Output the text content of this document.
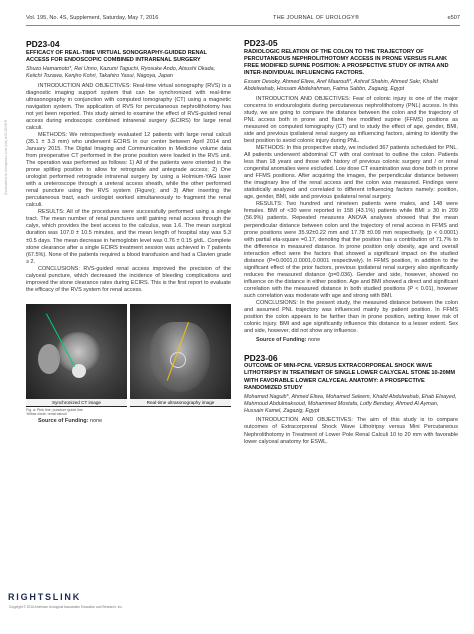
Vol. 195, No. 4S, Supplement, Saturday, May 7, 2016	THE JOURNAL OF UROLOGY®	e507
Downloaded for Anonymous User (n/a) at ELSEVIER
PD23-04
EFFICACY OF REAL-TIME VIRTUAL SONOGRAPHY-GUIDED RENAL ACCESS FOR ENDOSCOPIC COMBINED INTRARENAL SURGERY
Shuzo Hamamoto*, Rei Unno, Kazumi Taguchi, Ryosuke Ando, Atsushi Okada, Keiichi Tozawa, Kenjiro Kohri, Takahiro Yasui, Nagoya, Japan

INTRODUCTION AND OBJECTIVES: Real-time virtual sonography (RVS) is a diagnostic imaging support system that can be synchronized with real-time ultrasonography in conjunction with computed tomography (CT) using a magnetic navigation system. The application of RVS for percutaneous nephrolithotomy has not yet been reported. This study aimed to examine the effect of RVS-guided renal access during endoscopic combined intrarenal surgery (ECIRS) for large renal calculi.

METHODS: We retrospectively evaluated 12 patients with large renal calculi (35.1 ± 3.3 mm) who underwent ECIRS in our center between April 2014 and January 2015. The Digital Imaging and Communication in Medicine volume data from preoperative CT performed in the prone position were loaded in the RVS unit. The operation was performed as follows: 1) All of the patients were oriented in the prone splitleg position to allow for retrograde and antegrade access; 2) One urologist performed retrograde intrarenal surgery by using a Holmium-YAG laser with a ureteroscope through a ureteral access sheath, while the other performed renal puncture using the RVS system (Figure); and 3) After inserting the percutaneous tract, each urologist worked simultaneously to fragment the renal calculi.

RESULTS: All of the procedures were successfully performed using a single tract. The mean number of renal punctures until gaining renal access through the calyx, which provides the best access to the calculus, was 1.6. The mean surgical duration was 107.0 ± 10.5 minutes, and the mean length of hospital stay was 5.3 ±0.5 days. The mean decrease in hemoglobin level was 0.76 ± 0.15 g/dL. Complete stone clearance after a single ECIRS treatment session was achieved in 7 patients (67.5%). None of the patients required a blood transfusion and had a Clavien grade ≥ 2.

CONCLUSIONS: RVS-guided renal access improved the precision of the calyceal puncture, which decreased the incidence of bleeding complications and improved the stone clearance rates during ECIRS. This is the first report to evaluate the efficacy of the RVS system for renal access.

Synchronized CT image	Real-time ultrasonography image
Fig. a: Pink line: puncture guide line
Yellow circle: renal calculi
Source of Funding: none
PD23-05
RADIOLOGIC RELATION OF THE COLON TO THE TRAJECTORY OF PERCUTANEOUS NEPHROLITHOTOMY ACCESS IN PRONE VERSUS FLANK FREE MODIFIED SUPINE POSITION: A PROSPECTIVE STUDY OF INTRA AND INTER-INDIVIDUAL INFLUENCING FACTORS.
Essam Desoky, Ahmed Eliwa, Aref Maaroufi*, Ashraf Shahin, Ahmed Sakr, Khalid Abdelwahab, Hossam Abdelrahman, Fatma Sabbn, Zagazig, Egypt

INTRODUCTION AND OBJECTIVES: Fear of colonic injury is one of the major concerns to endourologists during percutaneous nephrolithotomy (PNL) access. In this study, we are going to compare the distance between the colon and the trajectory of PNL access both in prone and flank free modified supine (FFMS) positions as measured on computed tomography (CT) and to study the effect of age, gender, BMI, side and previous ipsilateral renal surgery as influencing factors, aiming to identify the best position to avoid colonic injury during PNL.

METHODS: In this prospective study, we included 367 patients scheduled for PNL. All patients underwent abdominal CT with oral contrast to outline the colon. Patients less than 18 years and those with history of previous colonic surgery and / or renal congenital anomalies were excluded. Low dose CT examination was done both in prone and FFMS positions. After acquiring the images, the perpendicular distance between the imaginary line of the renal access and the colon was measured. Findings were statistically analyzed and correlated to different influencing factors namely: position, age, gender, BMI, side and previous ipsilateral renal surgery.

RESULTS: Two hundred and nineteen patients were males, and 148 were females. BMI of <30 were reported in 158 (43.1%) patients while BMI ≥ 30 in 209 (56.9%) patients. Repeated measures ANOVA analyses showed that the mean perpendicular distance between colon and the trajectory of renal access in FFMS and prone positions were 35.92±0.22 mm and 17.78 ±0.09 mm respectively, (p < 0.0001) with partial eta-square =0.17, denoting that the position has a contribution of 71.7% to the difference in measured distance. In prone position only obesity, age and overall interaction effect were the factors that showed a significant impact on the studied distance (P=0.0001,0.0001,0.0001 respectively). In FFMS position, in addition to the significant effect of the prior factors, previous ipsilateral renal surgery also significantly reduces the measured distance (p=0.036). Gender and side, however, showed no influence on the distance in either position. Age and BMI showed a direct and significant correlation with the measured distance in both studied positions (P < 0.01), however such correlation was moderate with age and strong with BMI.

CONCLUSIONS: In the present study, the measured distance between the colon and assumed PNL trajectory was influenced mainly by patient position. In FFMS position the colon appears to be farther than in prone position, setting lower risk of colonic injury. BMI and age significantly influence this distance to a lesser extent. Sex and side, however, did not show any influence.

Source of Funding: none
PD23-06
OUTCOME OF MINI-PCNL VERSUS EXTRACORPOREAL SHOCK WAVE LITHOTRIPSY IN TREATMENT OF SINGLE LOWER CALYCEAL STONE 10-20MM WITH FAVORABLE LOWER CALYCEAL ANATOMY: A PROSPECTIVE RANDOMIZED STUDY
Mohamed Naguib*, Ahmed Eliwa, Mohamed Seleem, Khalid Abdulwahab, Ehab Elsayed, Mahmoud Abdulmaksoud, Mohammed Mostafa, Lotfy Bendary, Ahmed Al Ayman, Hussain Kamel, Zagazig, Egypt

INTRODUCTION AND OBJECTIVES: The aim of this study is to compare outcomes of Extracorporeal Shock Wave Lithotripsy versus Mini Percutaneous Nephrolithotomy in Treatment of Lower Pole Renal Calculi 10 to 20 mm with favorable lower calyceal anatomy for ESWL.

RIGHTSLINK
Copyright © 2016 American Urological Association Education and Research, Inc.
